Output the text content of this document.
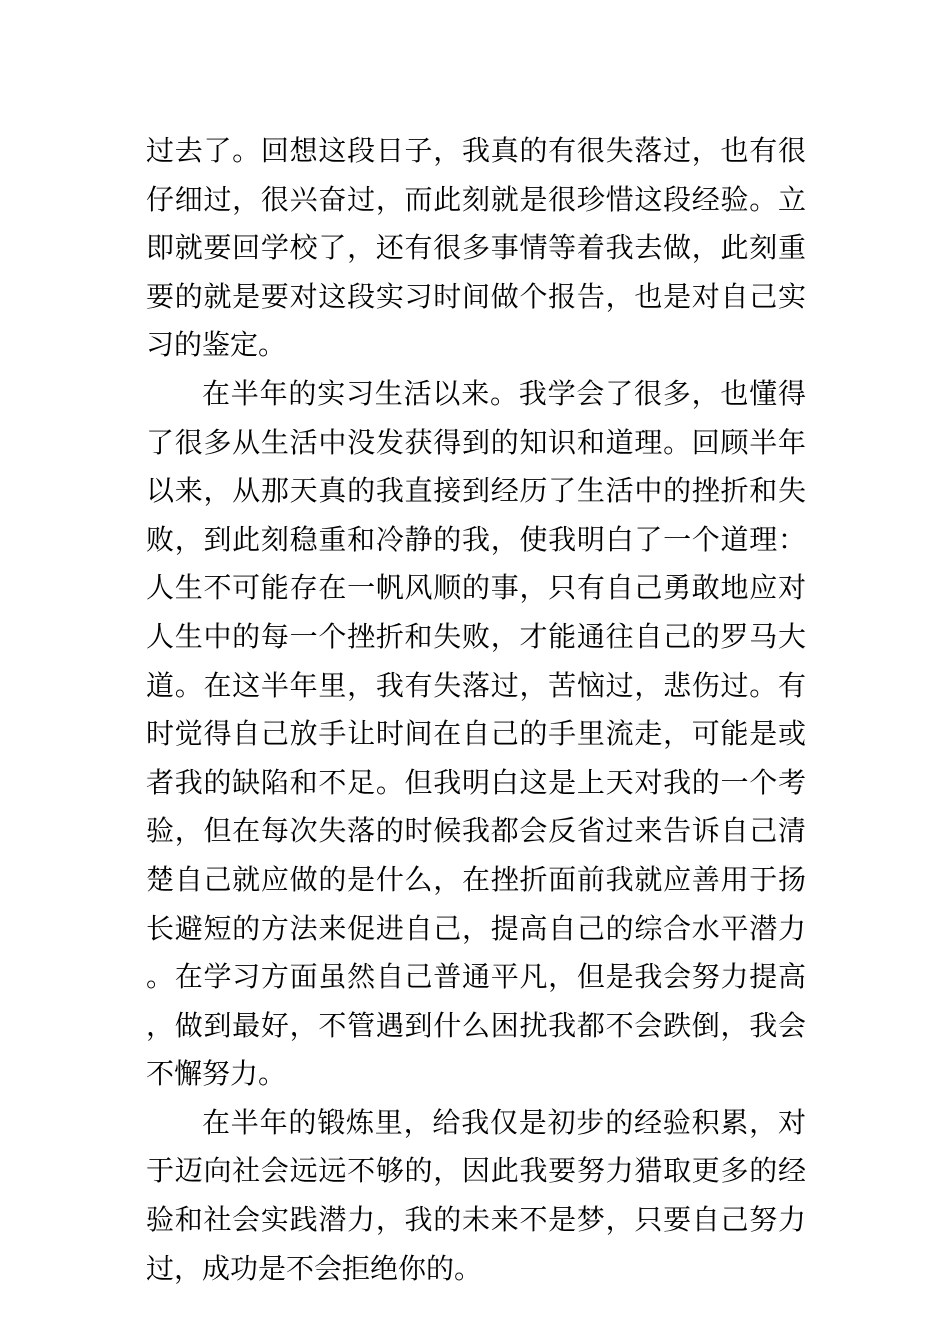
过去了。回想这段日子，我真的有很失落过，也有很仔细过，很兴奋过，而此刻就是很珍惜这段经验。立即就要回学校了，还有很多事情等着我去做，此刻重要的就是要对这段实习时间做个报告，也是对自己实习的鉴定。

在半年的实习生活以来。我学会了很多，也懂得了很多从生活中没发获得到的知识和道理。回顾半年以来，从那天真的我直接到经历了生活中的挫折和失败，到此刻稳重和冷静的我，使我明白了一个道理：人生不可能存在一帆风顺的事，只有自己勇敢地应对人生中的每一个挫折和失败，才能通往自己的罗马大道。在这半年里，我有失落过，苦恼过，悲伤过。有时觉得自己放手让时间在自己的手里流走，可能是或者我的缺陷和不足。但我明白这是上天对我的一个考验，但在每次失落的时候我都会反省过来告诉自己清楚自己就应做的是什么，在挫折面前我就应善用于扬长避短的方法来促进自己，提高自己的综合水平潜力。在学习方面虽然自己普通平凡，但是我会努力提高，做到最好，不管遇到什么困扰我都不会跌倒，我会不懈努力。

在半年的锻炼里，给我仅是初步的经验积累，对于迈向社会远远不够的，因此我要努力猎取更多的经验和社会实践潜力，我的未来不是梦，只要自己努力过，成功是不会拒绝你的。
